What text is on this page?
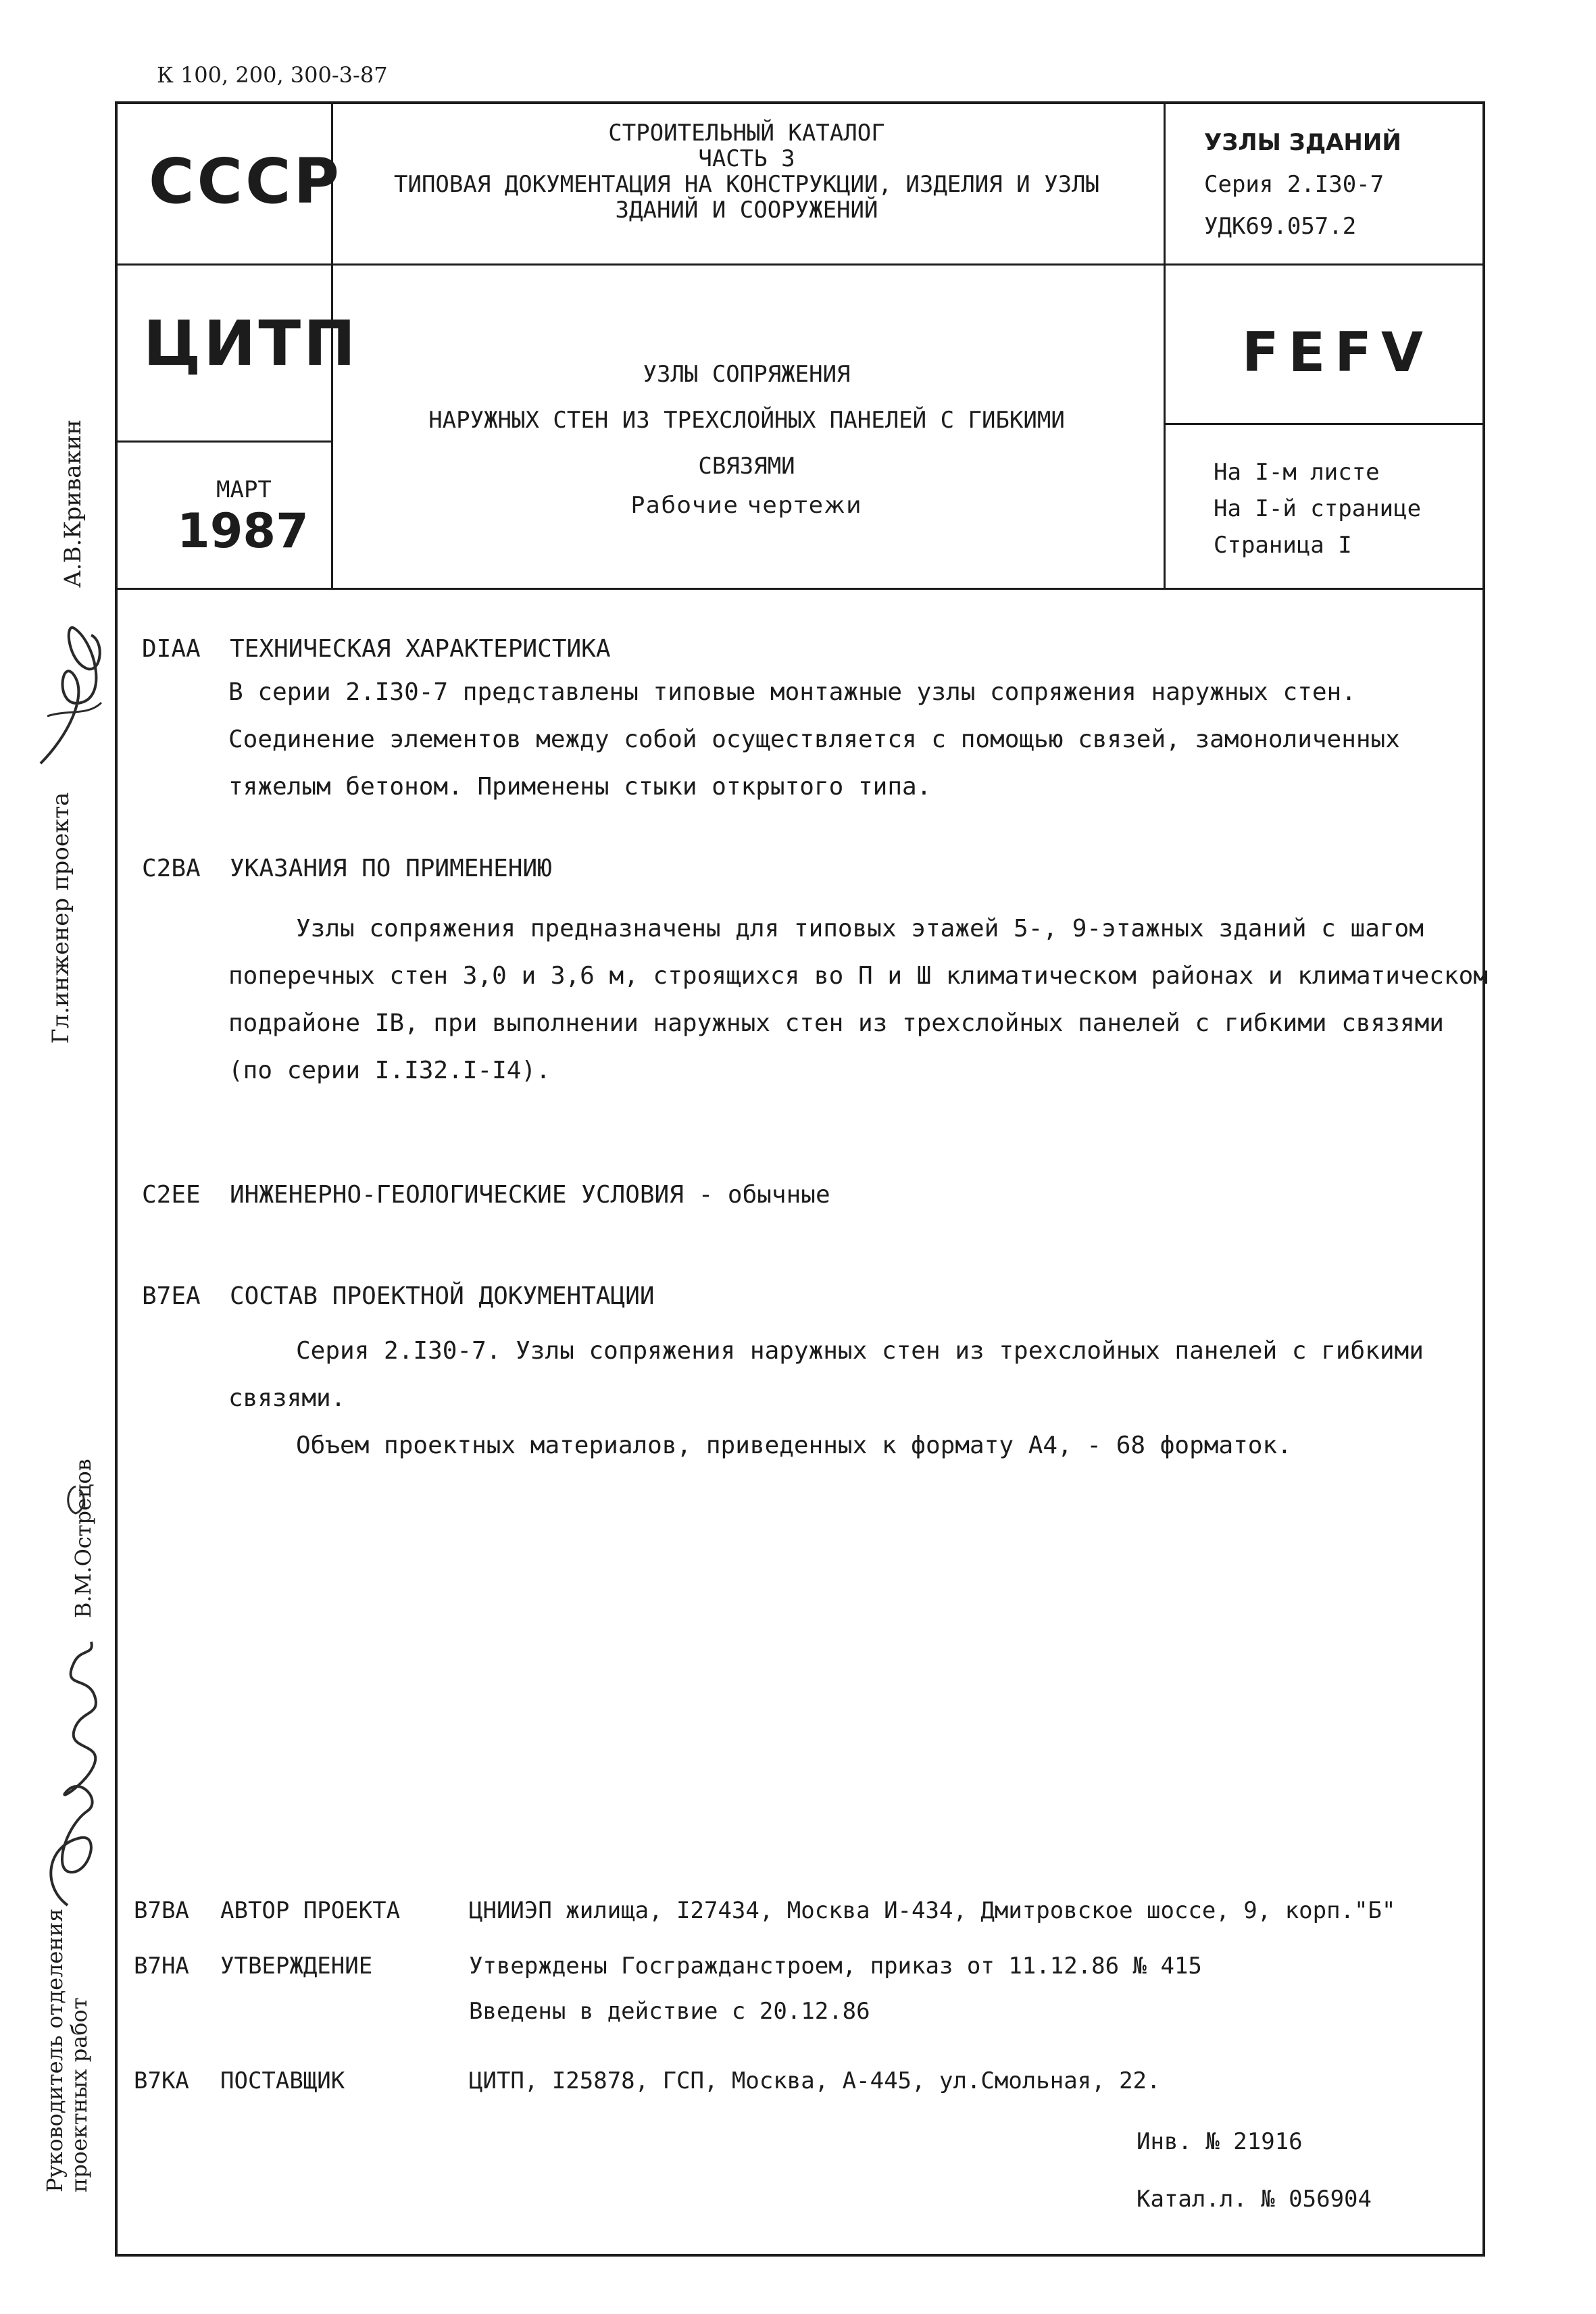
К 100, 200, 300-3-87
СССР
СТРОИТЕЛЬНЫЙ КАТАЛОГ
ЧАСТЬ 3
ТИПОВАЯ ДОКУМЕНТАЦИЯ НА КОНСТРУКЦИИ, ИЗДЕЛИЯ И УЗЛЫ
ЗДАНИЙ И СООРУЖЕНИЙ
УЗЛЫ ЗДАНИЙ
Серия 2.I30-7
УДК69.057.2
ЦИТП
МАРТ
1987
УЗЛЫ СОПРЯЖЕНИЯ
НАРУЖНЫХ СТЕН ИЗ ТРЕХСЛОЙНЫХ ПАНЕЛЕЙ С ГИБКИМИ
СВЯЗЯМИ
Рабочие чертежи
FEFV
На I-м листе
На I-й странице
Страница I
DIAA ТЕХНИЧЕСКАЯ ХАРАКТЕРИСТИКА
В серии 2.I30-7 представлены типовые монтажные узлы сопряжения наружных стен.
Соединение элементов между собой осуществляется с помощью связей, замоноличенных
тяжелым бетоном. Применены стыки открытого типа.
C2BA УКАЗАНИЯ ПО ПРИМЕНЕНИЮ
Узлы сопряжения предназначены для типовых этажей 5-, 9-этажных зданий с шагом
поперечных стен 3,0 и 3,6 м, строящихся во П и Ш климатическом районах и климатическом
подрайоне IB, при выполнении наружных стен из трехслойных панелей с гибкими связями
(по серии I.I32.I-I4).
C2EE ИНЖЕНЕРНО-ГЕОЛОГИЧЕСКИЕ УСЛОВИЯ - обычные
B7EA СОСТАВ ПРОЕКТНОЙ ДОКУМЕНТАЦИИ
Серия 2.I30-7. Узлы сопряжения наружных стен из трехслойных панелей с гибкими
связями.
Объем проектных материалов, приведенных к формату А4, - 68 форматок.
B7BA АВТОР ПРОЕКТА	ЦНИИЭП жилища, I27434, Москва И-434, Дмитровское шоссе, 9, корп."Б"
B7HA УТВЕРЖДЕНИЕ	Утверждены Госгражданстроем, приказ от 11.12.86 № 415
Введены в действие с 20.12.86
B7KA ПОСТАВЩИК	ЦИТП, I25878, ГСП, Москва, А-445, ул.Смольная, 22.
Инв. № 21916
Катал.л. № 056904
Гл.инженер проекта
А.В.Кривакин
Руководитель отделения
проектных работ
В.М.Острецов
